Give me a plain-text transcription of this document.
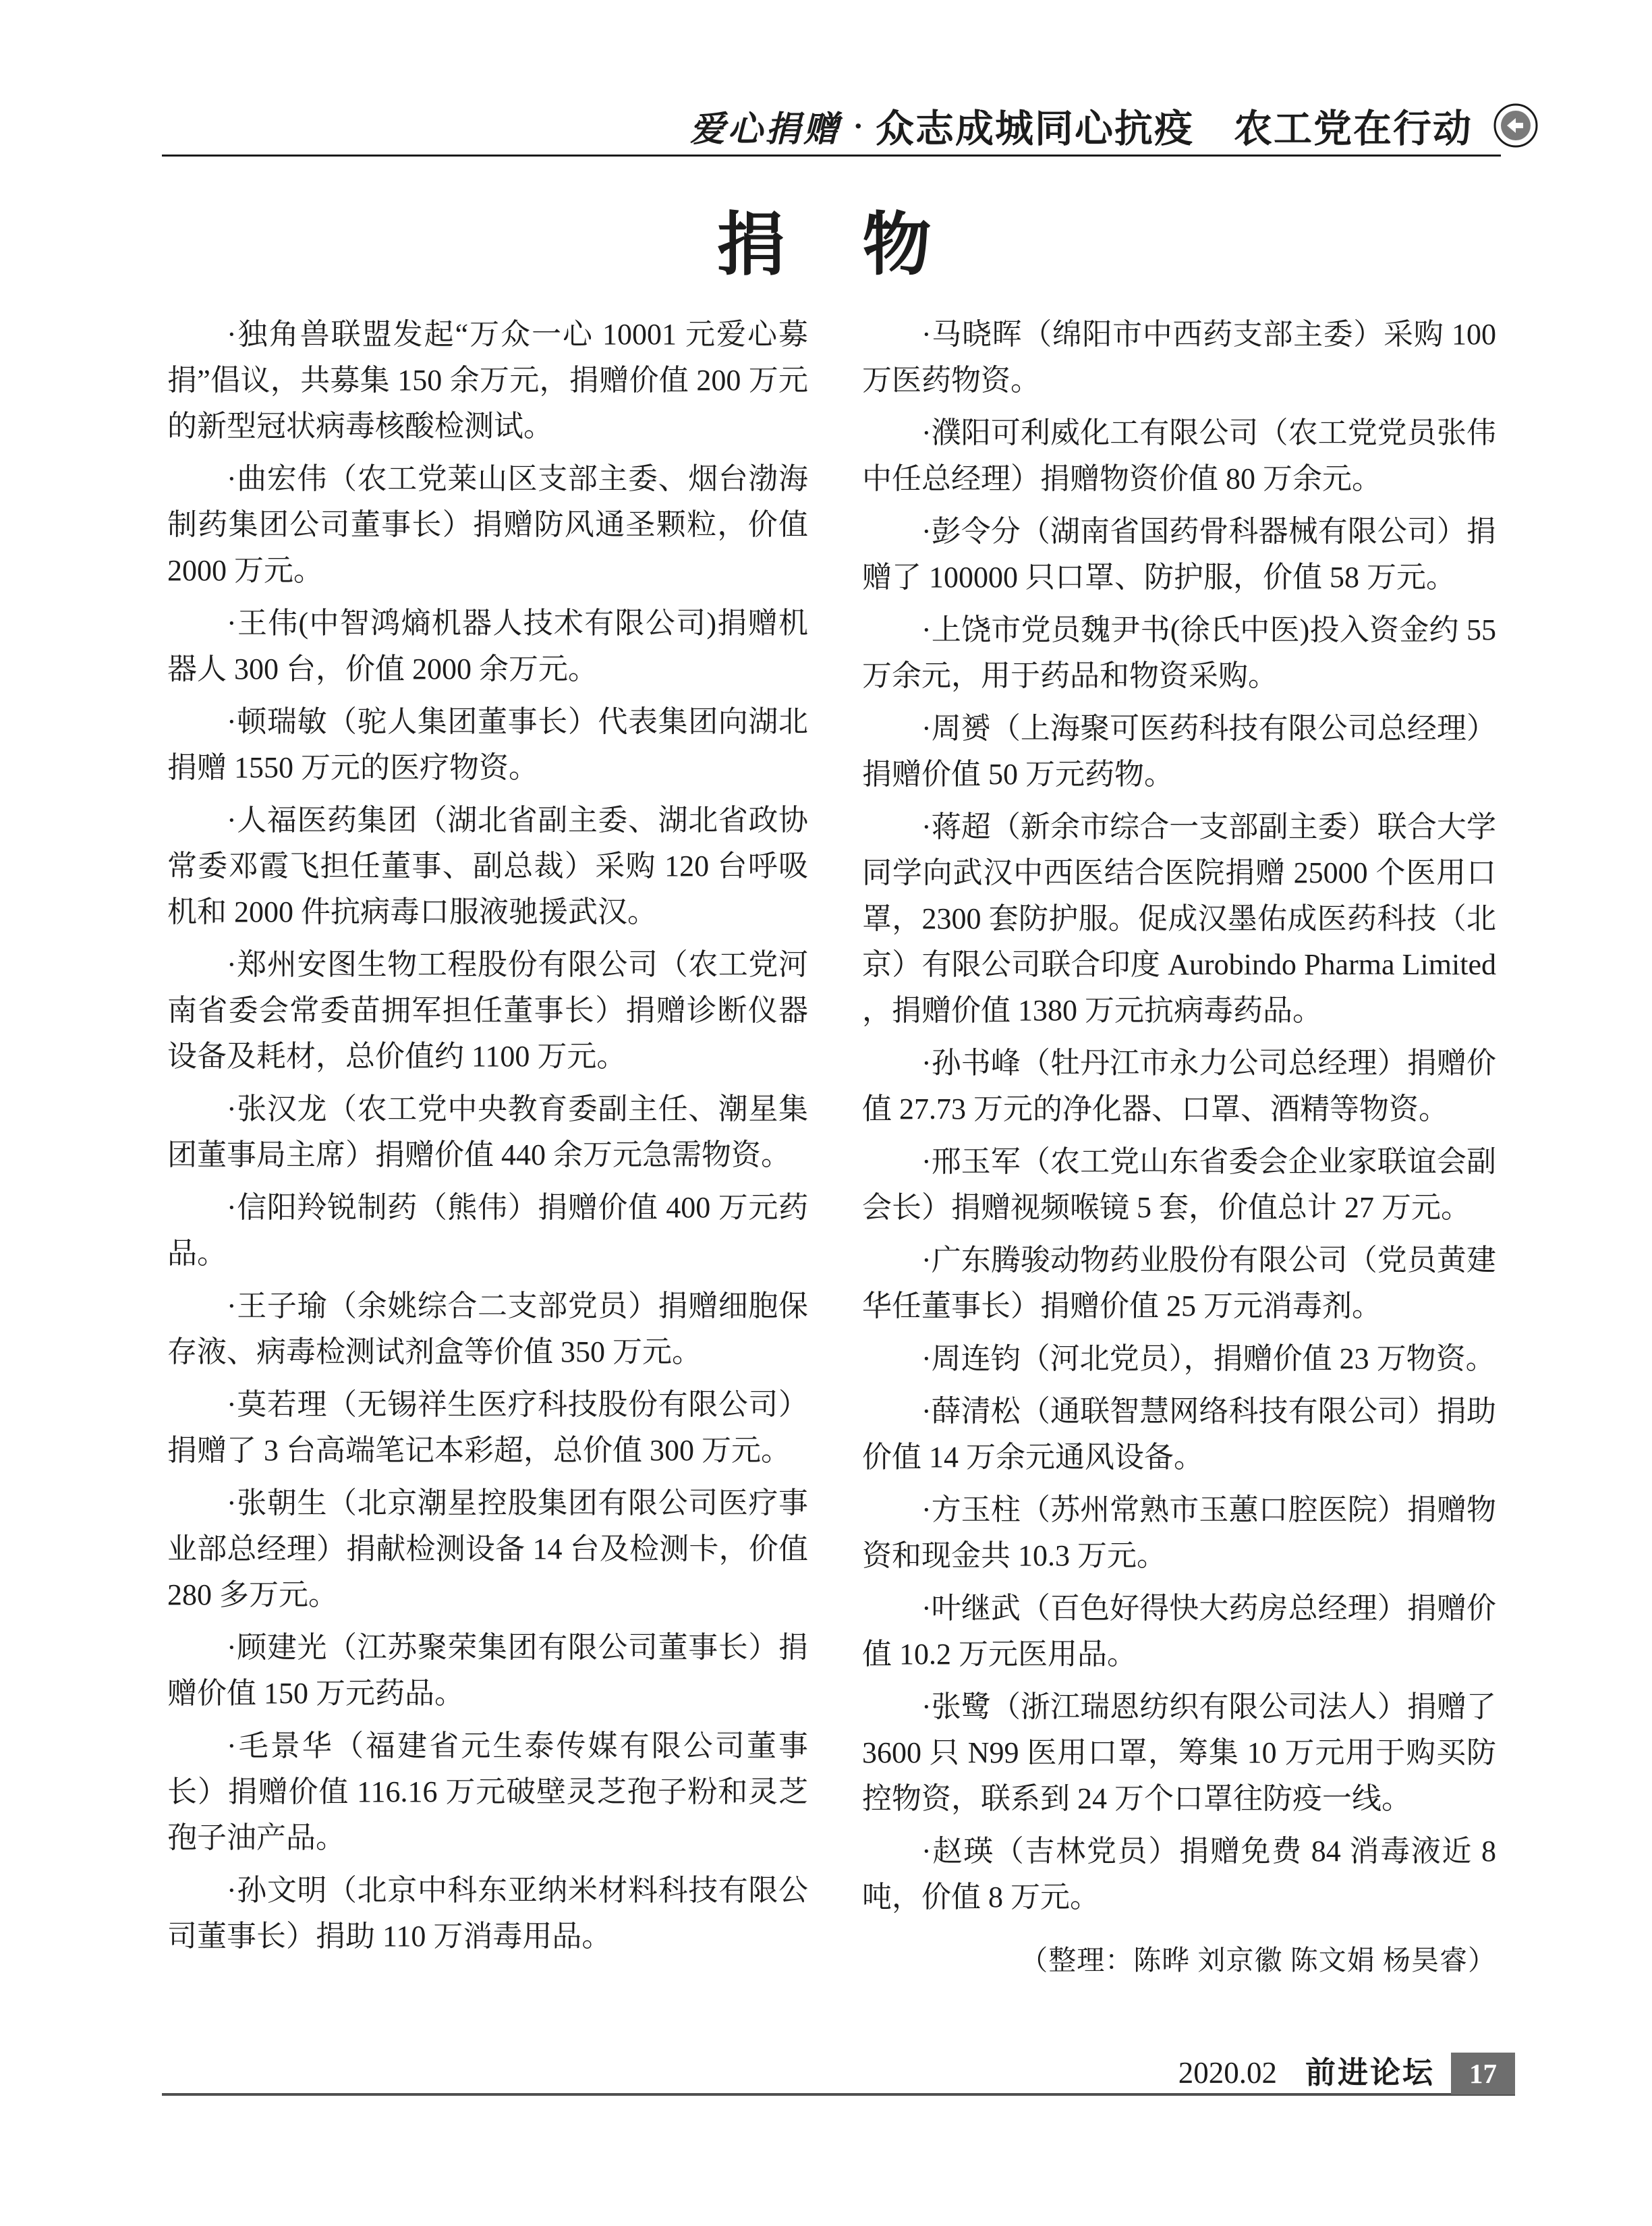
爱心捐赠 · 众志成城同心抗疫　农工党在行动
捐　物

·独角兽联盟发起“万众一心 10001 元爱心募捐”倡议，共募集 150 余万元，捐赠价值 200 万元的新型冠状病毒核酸检测试。

·曲宏伟（农工党莱山区支部主委、烟台渤海制药集团公司董事长）捐赠防风通圣颗粒，价值 2000 万元。

·王伟(中智鸿熵机器人技术有限公司)捐赠机器人 300 台，价值 2000 余万元。

·顿瑞敏（驼人集团董事长）代表集团向湖北捐赠 1550 万元的医疗物资。

·人福医药集团（湖北省副主委、湖北省政协常委邓霞飞担任董事、副总裁）采购 120 台呼吸机和 2000 件抗病毒口服液驰援武汉。

·郑州安图生物工程股份有限公司（农工党河南省委会常委苗拥军担任董事长）捐赠诊断仪器设备及耗材，总价值约 1100 万元。

·张汉龙（农工党中央教育委副主任、潮星集团董事局主席）捐赠价值 440 余万元急需物资。

·信阳羚锐制药（熊伟）捐赠价值 400 万元药品。

·王子瑜（余姚综合二支部党员）捐赠细胞保存液、病毒检测试剂盒等价值 350 万元。

·莫若理（无锡祥生医疗科技股份有限公司）捐赠了 3 台高端笔记本彩超，总价值 300 万元。

·张朝生（北京潮星控股集团有限公司医疗事业部总经理）捐献检测设备 14 台及检测卡，价值 280 多万元。

·顾建光（江苏聚荣集团有限公司董事长）捐赠价值 150 万元药品。

·毛景华（福建省元生泰传媒有限公司董事长）捐赠价值 116.16 万元破壁灵芝孢子粉和灵芝孢子油产品。

·孙文明（北京中科东亚纳米材料科技有限公司董事长）捐助 110 万消毒用品。

·马晓晖（绵阳市中西药支部主委）采购 100 万医药物资。

·濮阳可利威化工有限公司（农工党党员张伟中任总经理）捐赠物资价值 80 万余元。

·彭令分（湖南省国药骨科器械有限公司）捐赠了 100000 只口罩、防护服，价值 58 万元。

·上饶市党员魏尹书(徐氏中医)投入资金约 55 万余元，用于药品和物资采购。

·周赟（上海聚可医药科技有限公司总经理）捐赠价值 50 万元药物。

·蒋超（新余市综合一支部副主委）联合大学同学向武汉中西医结合医院捐赠 25000 个医用口罩，2300 套防护服。促成汉墨佑成医药科技（北京）有限公司联合印度 Aurobindo Pharma Limited ，捐赠价值 1380 万元抗病毒药品。

·孙书峰（牡丹江市永力公司总经理）捐赠价值 27.73 万元的净化器、口罩、酒精等物资。

·邢玉军（农工党山东省委会企业家联谊会副会长）捐赠视频喉镜 5 套，价值总计 27 万元。

·广东腾骏动物药业股份有限公司（党员黄建华任董事长）捐赠价值 25 万元消毒剂。

·周连钧（河北党员），捐赠价值 23 万物资。

·薛清松（通联智慧网络科技有限公司）捐助价值 14 万余元通风设备。

·方玉柱（苏州常熟市玉蕙口腔医院）捐赠物资和现金共 10.3 万元。

·叶继武（百色好得快大药房总经理）捐赠价值 10.2 万元医用品。

·张鹭（浙江瑞恩纺织有限公司法人）捐赠了 3600 只 N99 医用口罩，筹集 10 万元用于购买防控物资，联系到 24 万个口罩往防疫一线。

·赵瑛（吉林党员）捐赠免费 84 消毒液近 8 吨，价值 8 万元。

（整理：陈晔 刘京徽 陈文娟 杨昊睿）

2020.02 前进论坛	17
